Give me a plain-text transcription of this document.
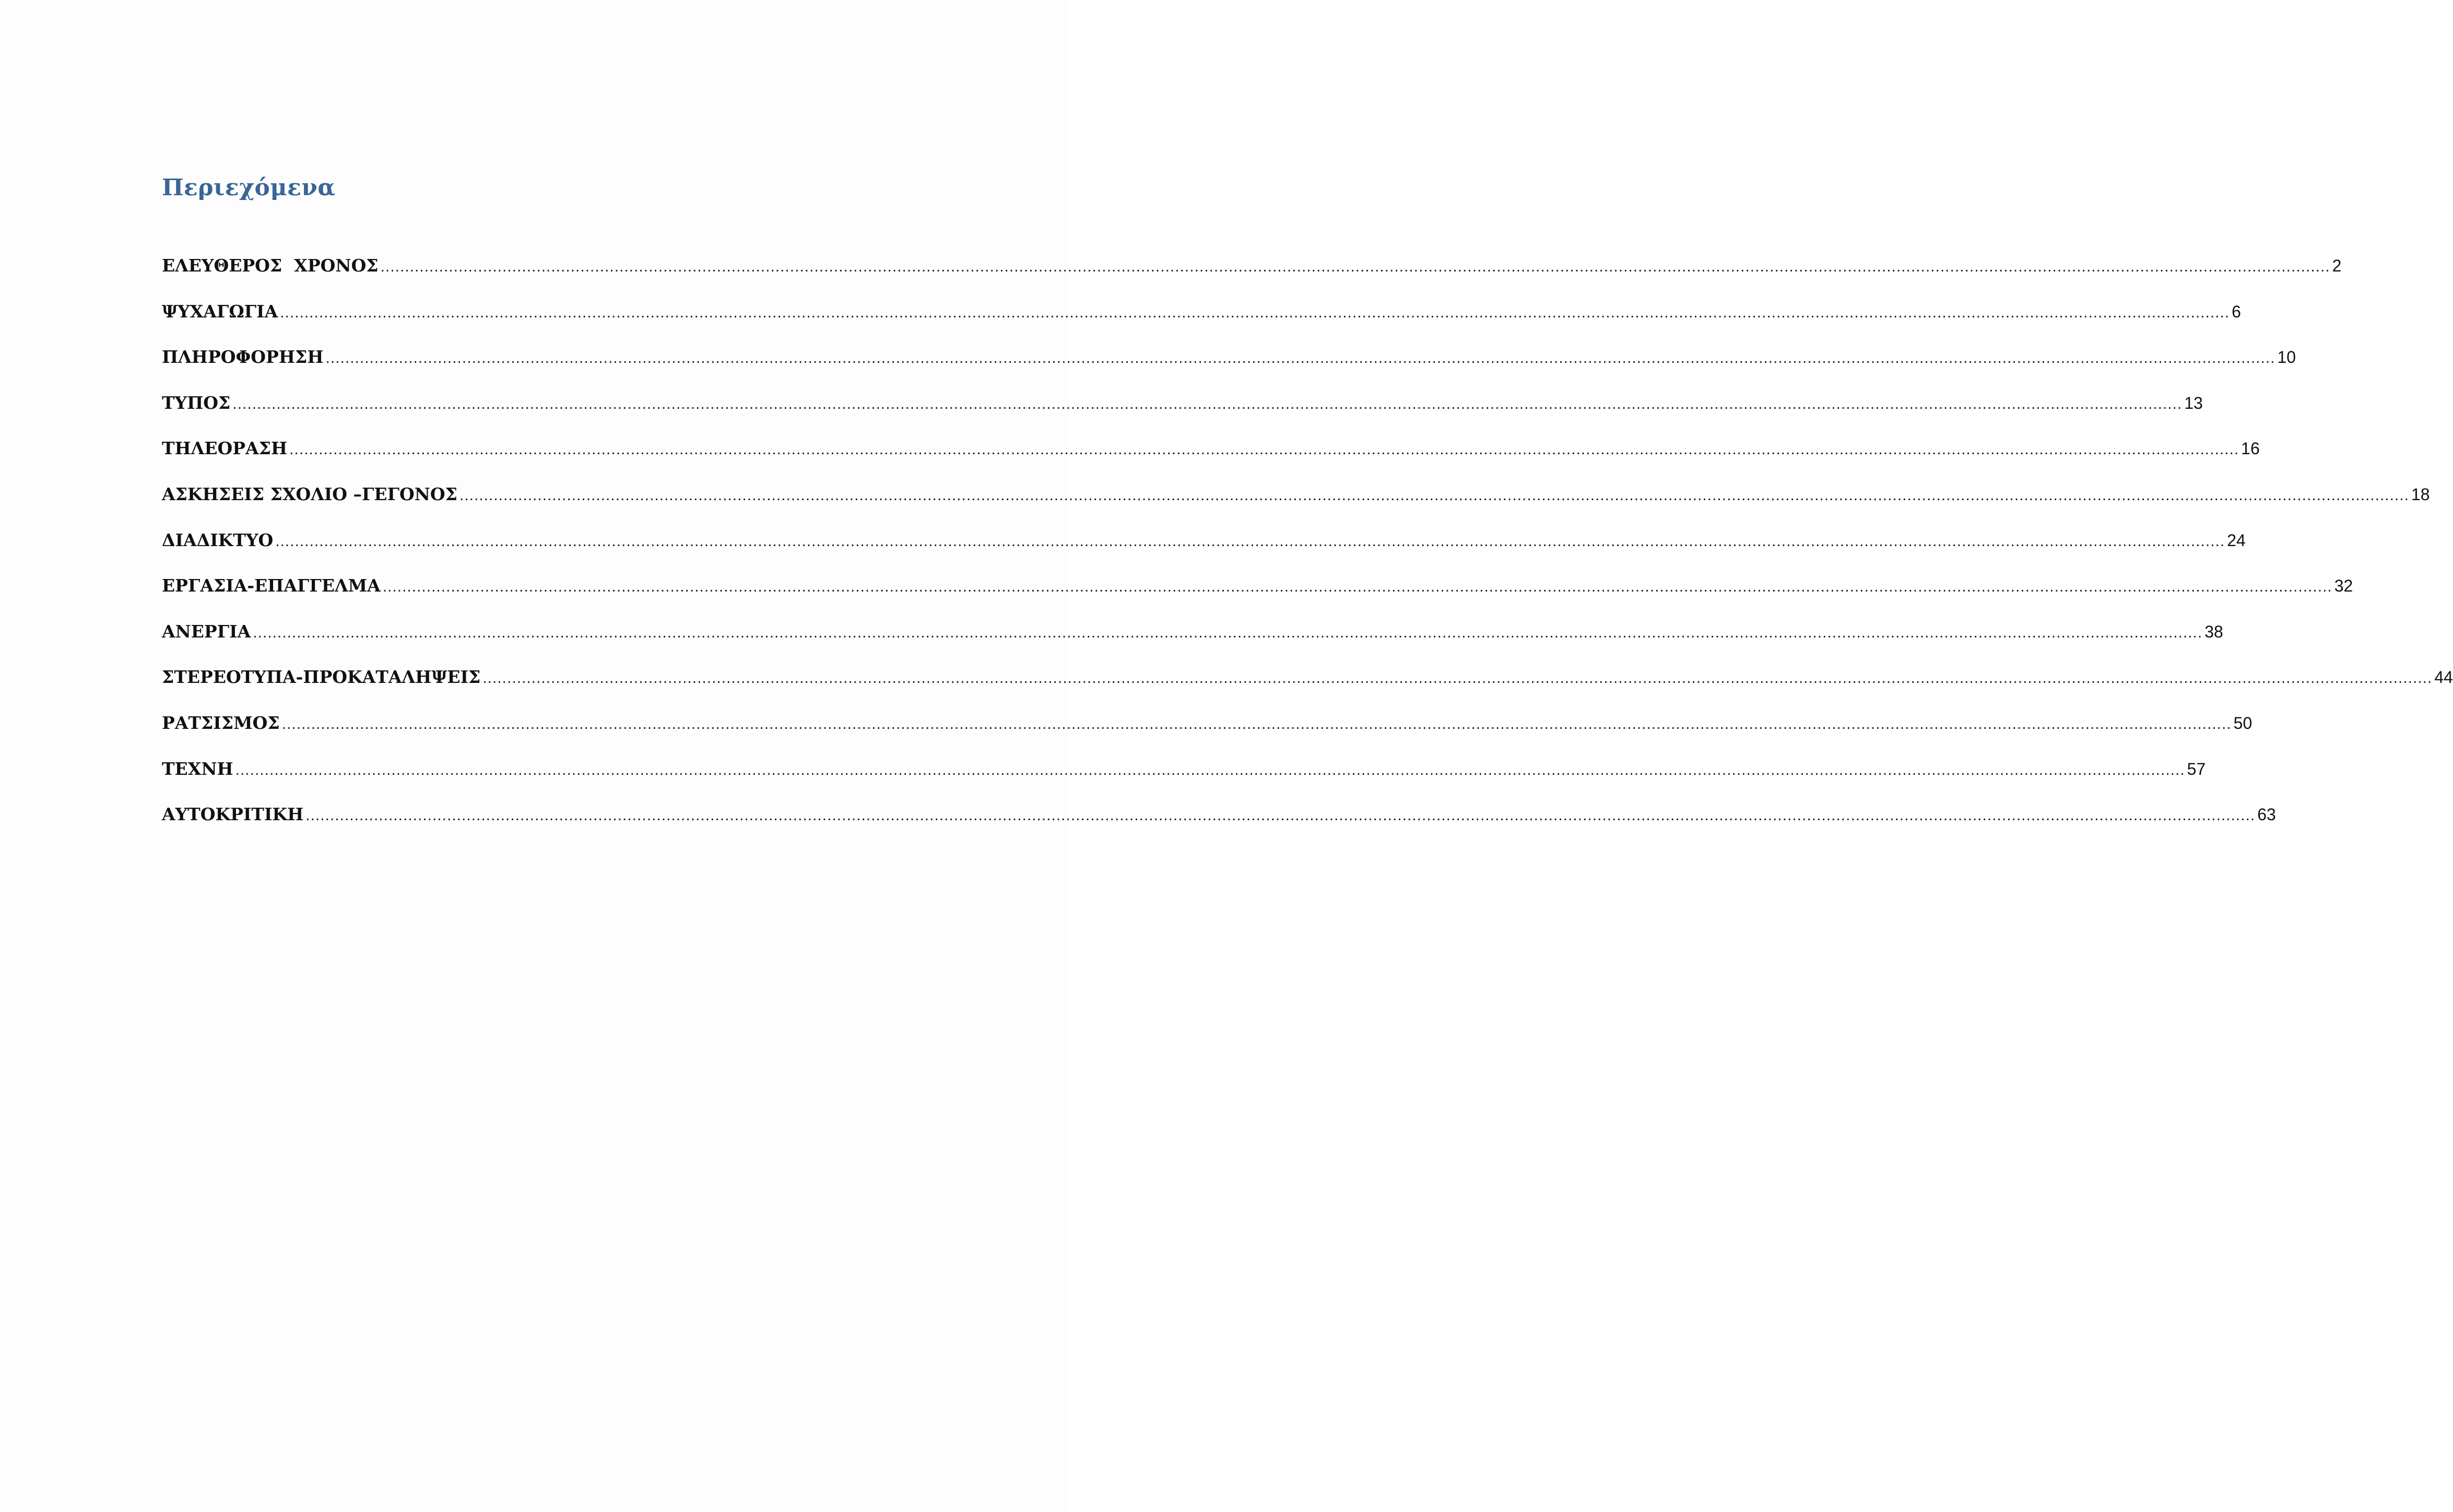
Περιεχόμενα
ΕΛΕΥΘΕΡΟΣ  ΧΡΟΝΟΣ ................................................................................................................................................................................................................................................................................................................................................................................................................ 2
ΨΥΧΑΓΩΓΙΑ ................................................................................................................................................................................................................................................................................................................................................................................................................ 6
ΠΛΗΡΟΦΟΡΗΣΗ ................................................................................................................................................................................................................................................................................................................................................................................................................ 10
ΤΥΠΟΣ ................................................................................................................................................................................................................................................................................................................................................................................................................ 13
ΤΗΛΕΟΡΑΣΗ ................................................................................................................................................................................................................................................................................................................................................................................................................ 16
ΑΣΚΗΣΕΙΣ ΣΧΟΛΙΟ –ΓΕΓΟΝΟΣ ................................................................................................................................................................................................................................................................................................................................................................................................................ 18
ΔΙΑΔΙΚΤΥΟ ................................................................................................................................................................................................................................................................................................................................................................................................................ 24
ΕΡΓΑΣΙΑ-ΕΠΑΓΓΕΛΜΑ ................................................................................................................................................................................................................................................................................................................................................................................................................ 32
ΑΝΕΡΓΙΑ ................................................................................................................................................................................................................................................................................................................................................................................................................ 38
ΣΤΕΡΕΟΤΥΠΑ-ΠΡΟΚΑΤΑΛΗΨΕΙΣ ................................................................................................................................................................................................................................................................................................................................................................................................................ 44
ΡΑΤΣΙΣΜΟΣ ................................................................................................................................................................................................................................................................................................................................................................................................................ 50
ΤΕΧΝΗ ................................................................................................................................................................................................................................................................................................................................................................................................................ 57
ΑΥΤΟΚΡΙΤΙΚΗ ................................................................................................................................................................................................................................................................................................................................................................................................................ 63
